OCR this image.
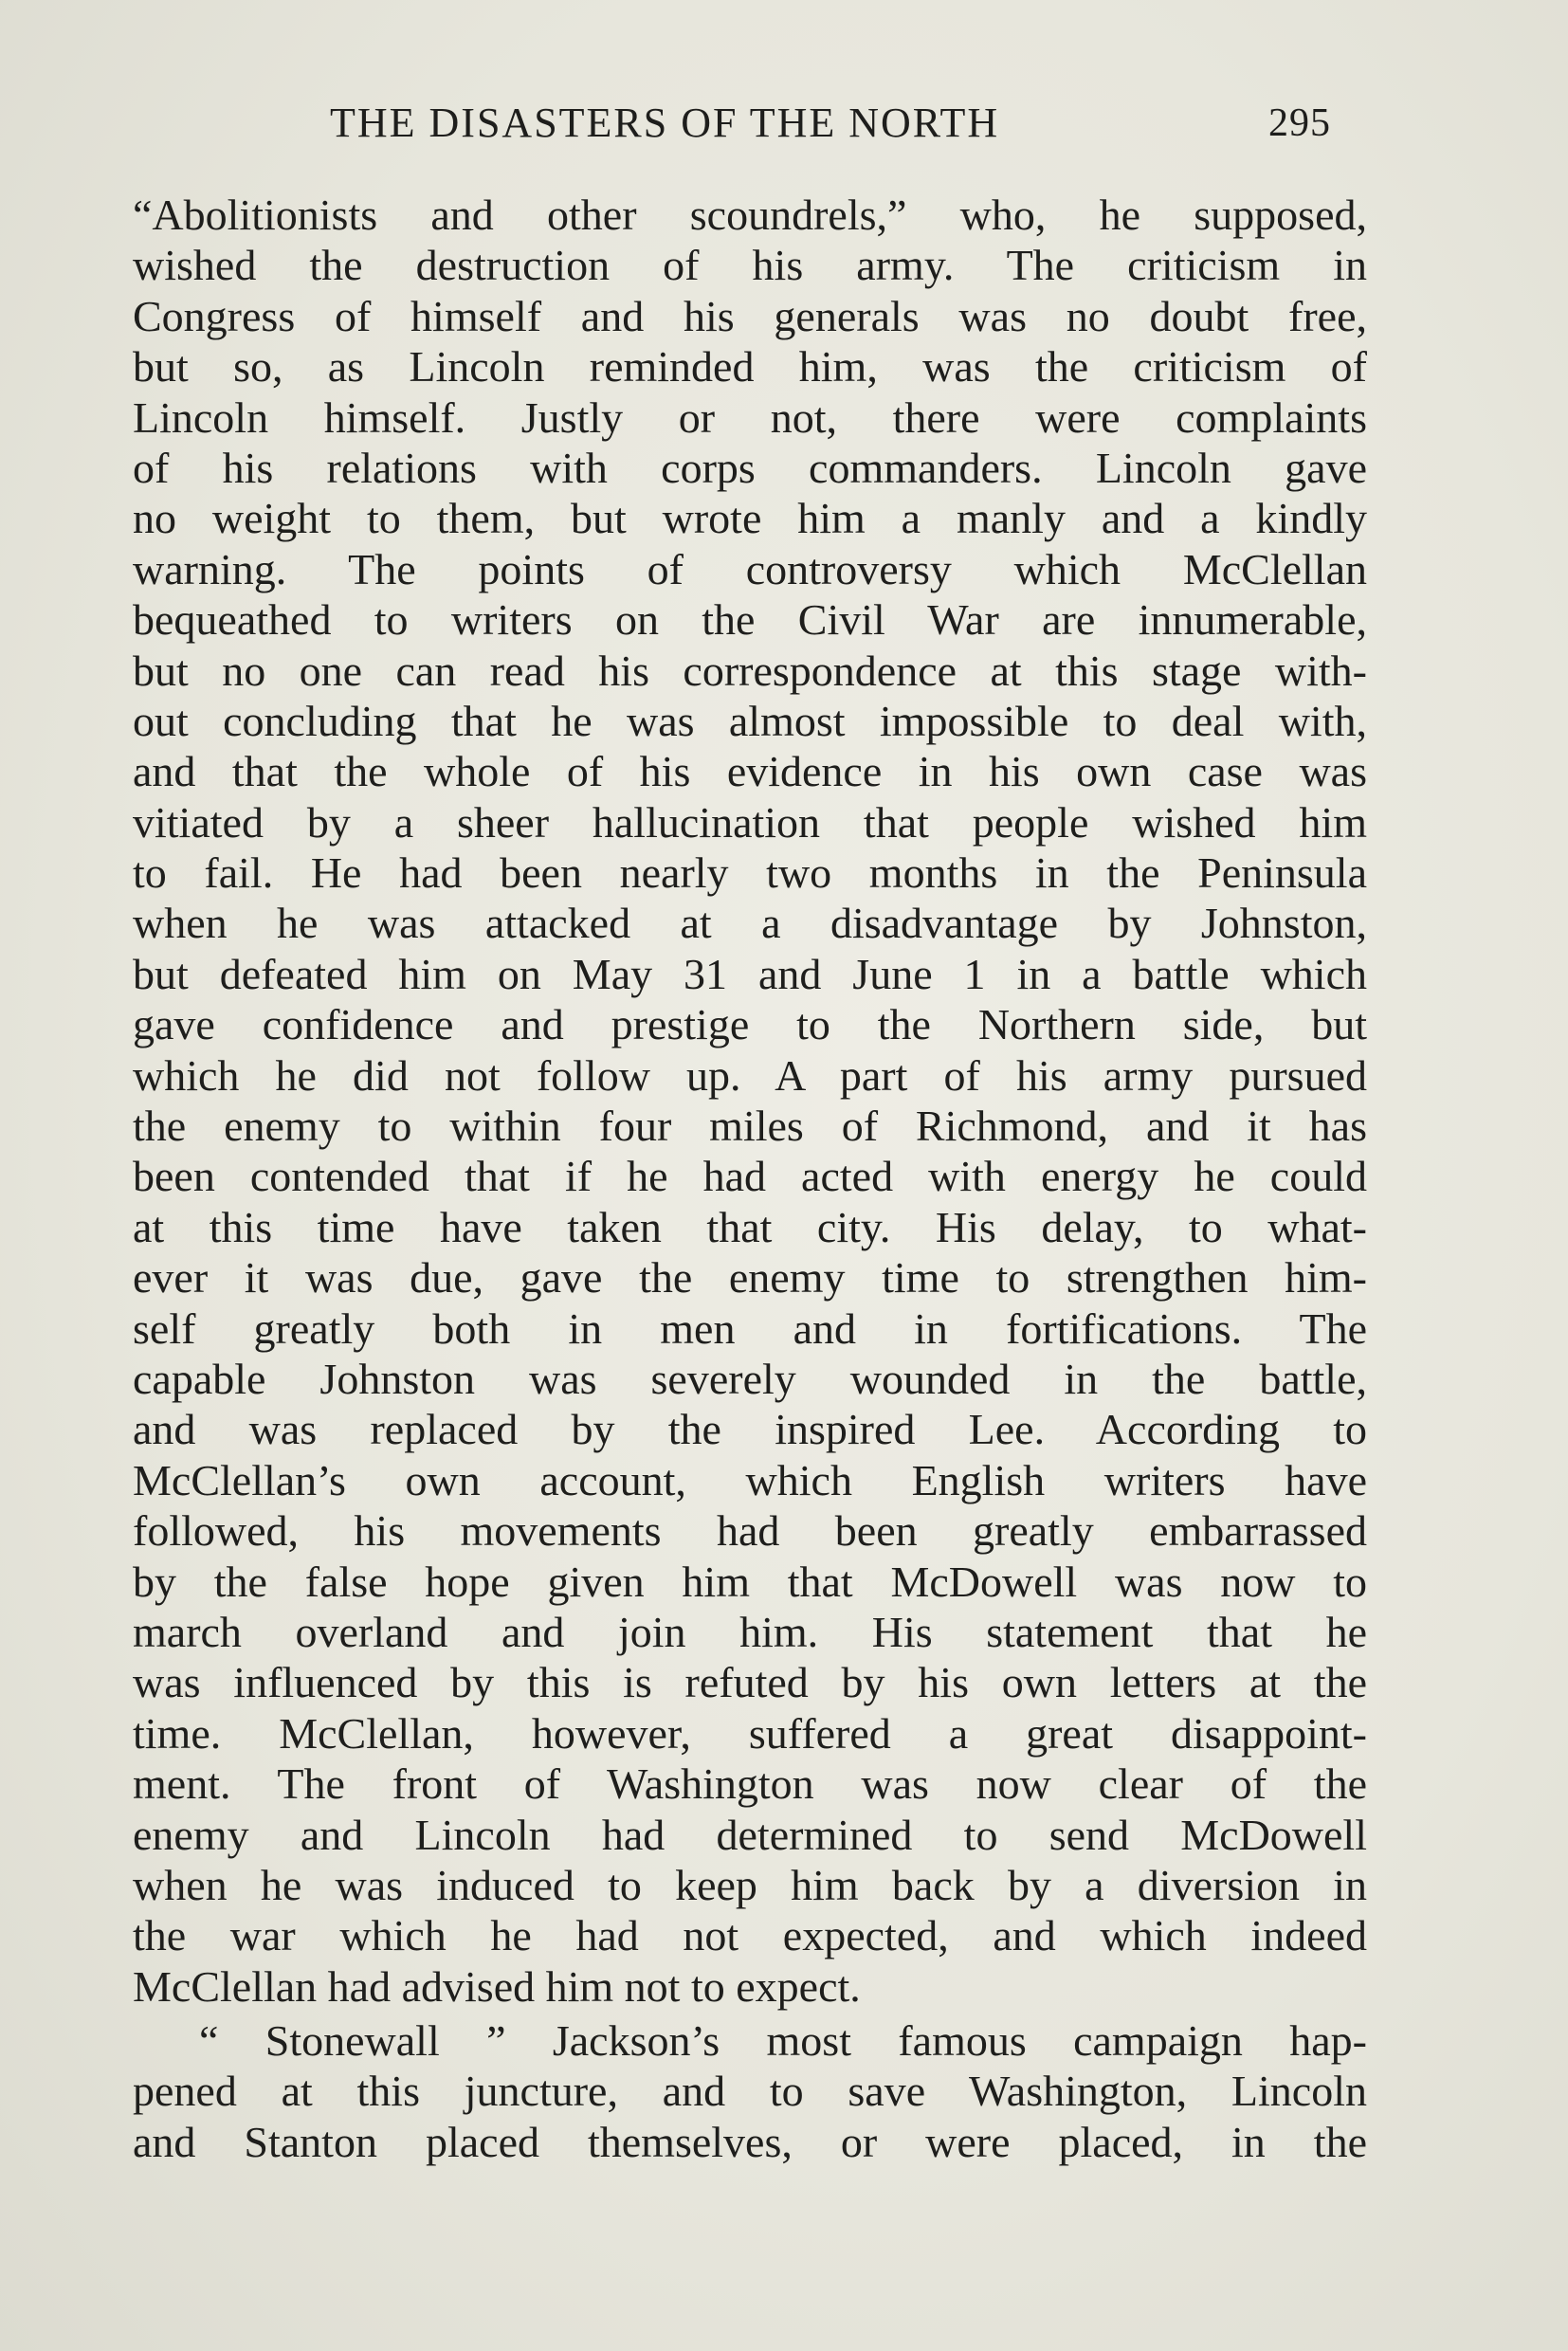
THE DISASTERS OF THE NORTH	295
“Abolitionists and other scoundrels,” who, he supposed,
wished the destruction of his army. The criticism in
Congress of himself and his generals was no doubt free,
but so, as Lincoln reminded him, was the criticism of
Lincoln himself. Justly or not, there were complaints
of his relations with corps commanders. Lincoln gave
no weight to them, but wrote him a manly and a kindly
warning. The points of controversy which McClellan
bequeathed to writers on the Civil War are innumerable,
but no one can read his correspondence at this stage with-
out concluding that he was almost impossible to deal with,
and that the whole of his evidence in his own case was
vitiated by a sheer hallucination that people wished him
to fail. He had been nearly two months in the Peninsula
when he was attacked at a disadvantage by Johnston,
but defeated him on May 31 and June 1 in a battle which
gave confidence and prestige to the Northern side, but
which he did not follow up. A part of his army pursued
the enemy to within four miles of Richmond, and it has
been contended that if he had acted with energy he could
at this time have taken that city. His delay, to what-
ever it was due, gave the enemy time to strengthen him-
self greatly both in men and in fortifications. The
capable Johnston was severely wounded in the battle,
and was replaced by the inspired Lee. According to
McClellan’s own account, which English writers have
followed, his movements had been greatly embarrassed
by the false hope given him that McDowell was now to
march overland and join him. His statement that he
was influenced by this is refuted by his own letters at the
time. McClellan, however, suffered a great disappoint-
ment. The front of Washington was now clear of the
enemy and Lincoln had determined to send McDowell
when he was induced to keep him back by a diversion in
the war which he had not expected, and which indeed
McClellan had advised him not to expect.
“ Stonewall ” Jackson’s most famous campaign hap-
pened at this juncture, and to save Washington, Lincoln
and Stanton placed themselves, or were placed, in the
